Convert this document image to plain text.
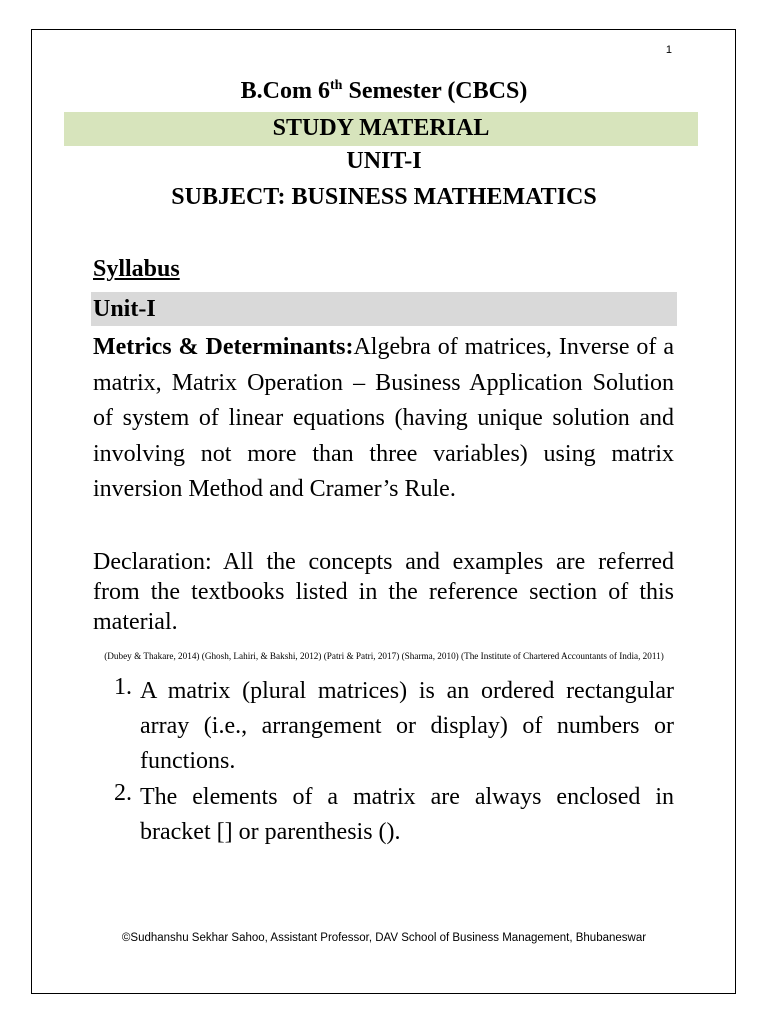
1
B.Com 6th Semester (CBCS)
STUDY MATERIAL
UNIT-I
SUBJECT: BUSINESS MATHEMATICS
Syllabus
Unit-I
Metrics & Determinants:Algebra of matrices, Inverse of a matrix, Matrix Operation – Business Application Solution of system of linear equations (having unique solution and involving not more than three variables) using matrix inversion Method and Cramer’s Rule.
Declaration: All the concepts and examples are referred from the textbooks listed in the reference section of this material.
(Dubey & Thakare, 2014) (Ghosh, Lahiri, & Bakshi, 2012) (Patri & Patri, 2017) (Sharma, 2010) (The Institute of Chartered Accountants of India, 2011)
1. A matrix (plural matrices) is an ordered rectangular array (i.e., arrangement or display) of numbers or functions.
2. The elements of a matrix are always enclosed in bracket [] or parenthesis ().
©Sudhanshu Sekhar Sahoo, Assistant Professor, DAV School of Business Management, Bhubaneswar
